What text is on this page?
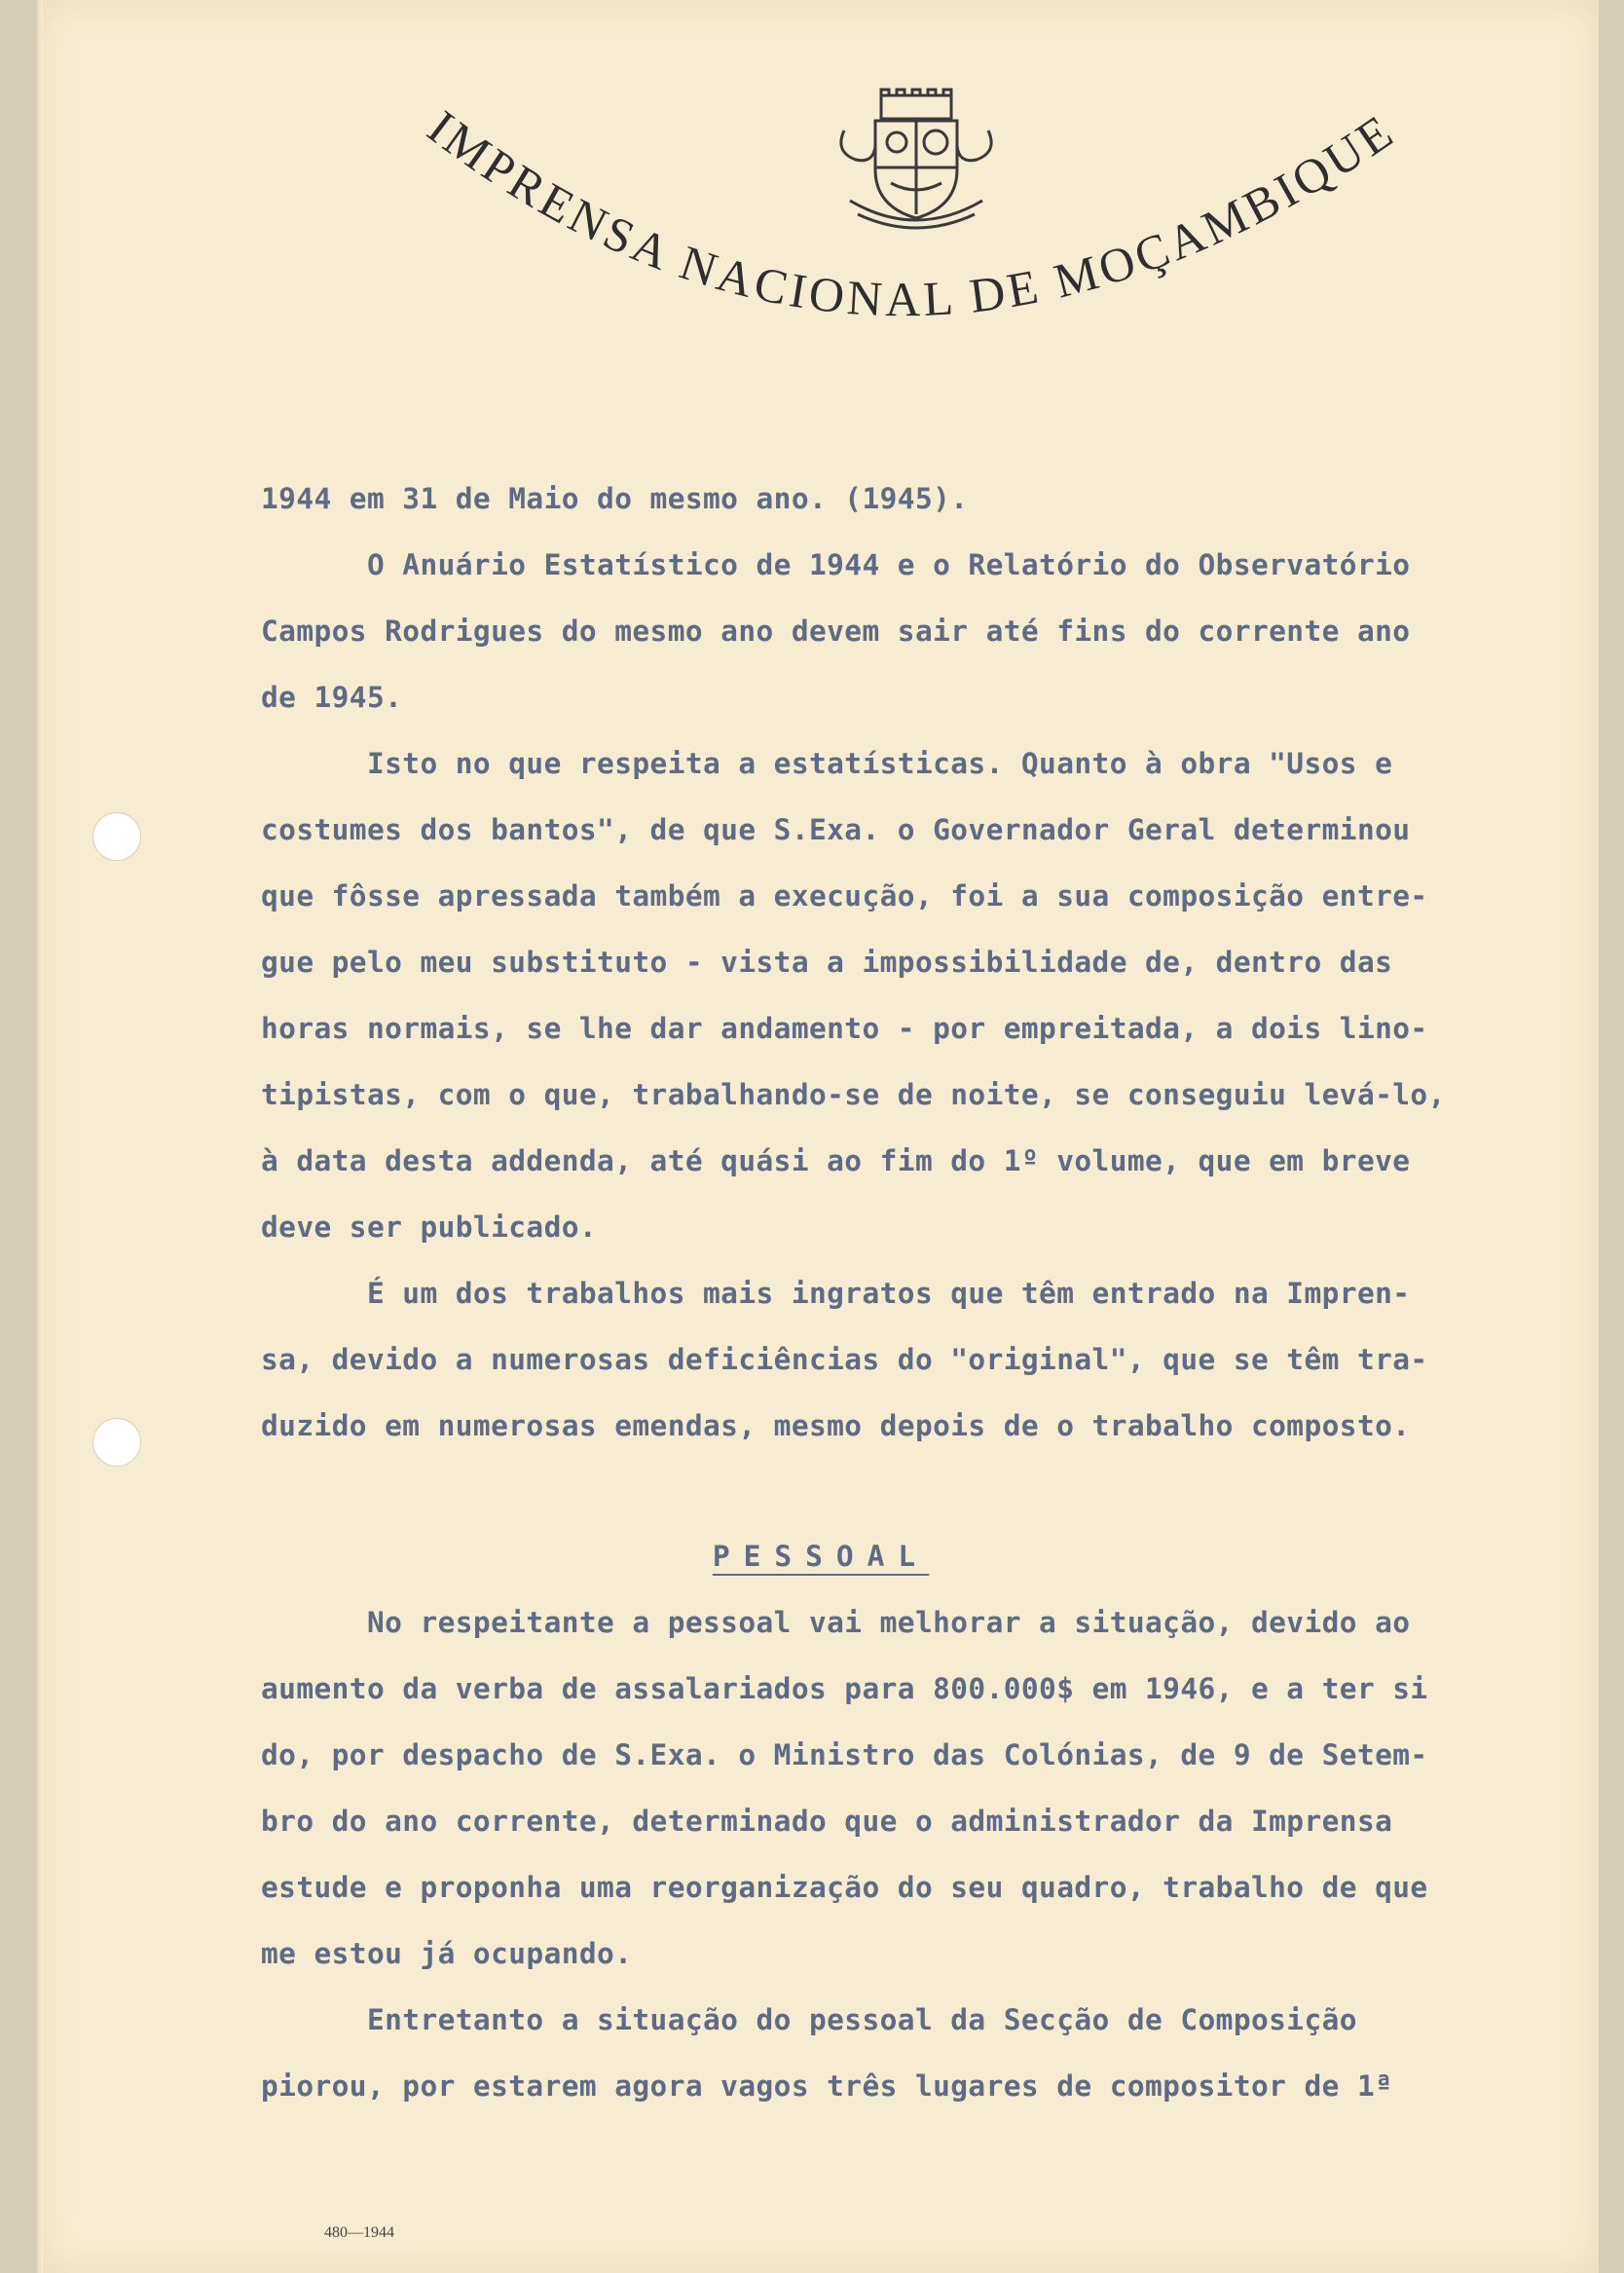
IMPRENSA NACIONAL DE MOÇAMBIQUE
1944 em 31 de Maio do mesmo ano. (1945).
O Anuário Estatístico de 1944 e o Relatório do Observatório
Campos Rodrigues do mesmo ano devem sair até fins do corrente ano
de 1945.
Isto no que respeita a estatísticas. Quanto à obra "Usos e
costumes dos bantos", de que S.Exa. o Governador Geral determinou
que fôsse apressada também a execução, foi a sua composição entre-
gue pelo meu substituto - vista a impossibilidade de, dentro das
horas normais, se lhe dar andamento - por empreitada, a dois lino-
tipistas, com o que, trabalhando-se de noite, se conseguiu levá-lo,
à data desta addenda, até quási ao fim do 1º volume, que em breve
deve ser publicado.
É um dos trabalhos mais ingratos que têm entrado na Impren-
sa, devido a numerosas deficiências do "original", que se têm tra-
duzido em numerosas emendas, mesmo depois de o trabalho composto.
PESSOAL
No respeitante a pessoal vai melhorar a situação, devido ao
aumento da verba de assalariados para 800.000$ em 1946, e a ter si
do, por despacho de S.Exa. o Ministro das Colónias, de 9 de Setem-
bro do ano corrente, determinado que o administrador da Imprensa
estude e proponha uma reorganização do seu quadro, trabalho de que
me estou já ocupando.
Entretanto a situação do pessoal da Secção de Composição
piorou, por estarem agora vagos três lugares de compositor de 1ª
480—1944
